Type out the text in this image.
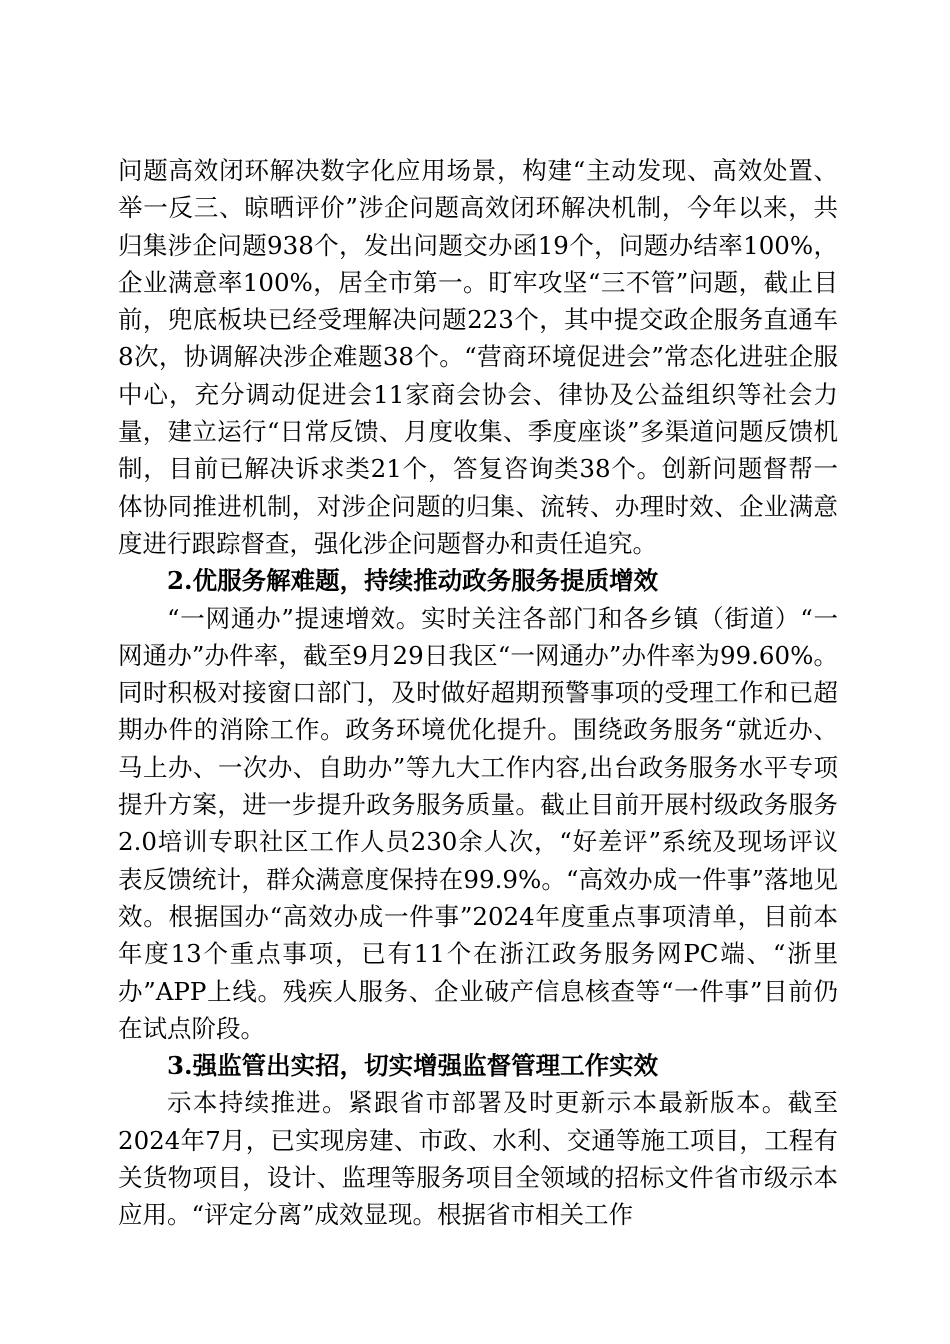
问题高效闭环解决数字化应用场景，构建“主动发现、高效处置、举一反三、晾晒评价”涉企问题高效闭环解决机制，今年以来，共归集涉企问题938个，发出问题交办函19个，问题办结率100%，企业满意率100%，居全市第一。盯牢攻坚“三不管”问题，截止目前，兜底板块已经受理解决问题223个，其中提交政企服务直通车8次，协调解决涉企难题38个。“营商环境促进会”常态化进驻企服中心，充分调动促进会11家商会协会、律协及公益组织等社会力量，建立运行“日常反馈、月度收集、季度座谈”多渠道问题反馈机制，目前已解决诉求类21个，答复咨询类38个。创新问题督帮一体协同推进机制，对涉企问题的归集、流转、办理时效、企业满意度进行跟踪督查，强化涉企问题督办和责任追究。

2.优服务解难题，持续推动政务服务提质增效

“一网通办”提速增效。实时关注各部门和各乡镇（街道）“一网通办”办件率，截至9月29日我区“一网通办”办件率为99.60%。同时积极对接窗口部门，及时做好超期预警事项的受理工作和已超期办件的消除工作。政务环境优化提升。围绕政务服务“就近办、马上办、一次办、自助办”等九大工作内容,出台政务服务水平专项提升方案，进一步提升政务服务质量。截止目前开展村级政务服务2.0培训专职社区工作人员230余人次，“好差评”系统及现场评议表反馈统计，群众满意度保持在99.9%。“高效办成一件事”落地见效。根据国办“高效办成一件事”2024年度重点事项清单，目前本年度13个重点事项，已有11个在浙江政务服务网PC端、“浙里办”APP上线。残疾人服务、企业破产信息核查等“一件事”目前仍在试点阶段。

3.强监管出实招，切实增强监督管理工作实效

示本持续推进。紧跟省市部署及时更新示本最新版本。截至2024年7月，已实现房建、市政、水利、交通等施工项目，工程有关货物项目，设计、监理等服务项目全领域的招标文件省市级示本应用。“评定分离”成效显现。根据省市相关工作
